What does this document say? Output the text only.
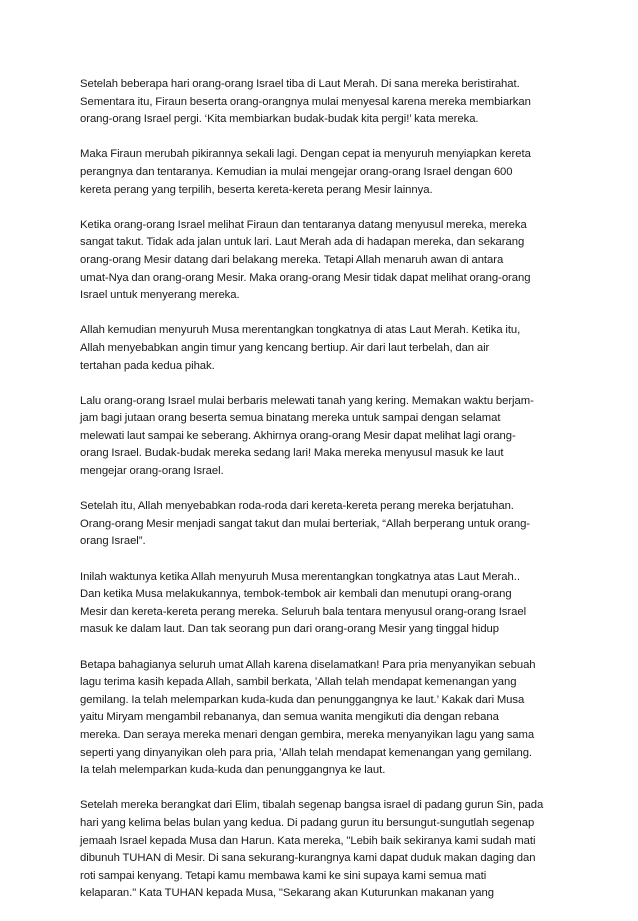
Setelah beberapa hari orang-orang Israel tiba di Laut Merah. Di sana mereka beristirahat.
Sementara itu, Firaun beserta orang-orangnya mulai menyesal karena mereka membiarkan
orang-orang Israel pergi. ‘Kita membiarkan budak-budak kita pergi!’ kata mereka.

Maka Firaun merubah pikirannya sekali lagi. Dengan cepat ia menyuruh menyiapkan kereta
perangnya dan tentaranya. Kemudian ia mulai mengejar orang-orang Israel dengan 600
kereta perang yang terpilih, beserta kereta-kereta perang Mesir lainnya.

Ketika orang-orang Israel melihat Firaun dan tentaranya datang menyusul mereka, mereka
sangat takut. Tidak ada jalan untuk lari. Laut Merah ada di hadapan mereka, dan sekarang
orang-orang Mesir datang dari belakang mereka. Tetapi Allah menaruh awan di antara
umat-Nya dan orang-orang Mesir. Maka orang-orang Mesir tidak dapat melihat orang-orang
Israel untuk menyerang mereka.

Allah kemudian menyuruh Musa merentangkan tongkatnya di atas Laut Merah. Ketika itu,
Allah menyebabkan angin timur yang kencang bertiup. Air dari laut terbelah, dan air
tertahan pada kedua pihak.

Lalu orang-orang Israel mulai berbaris melewati tanah yang kering. Memakan waktu berjam-
jam bagi jutaan orang beserta semua binatang mereka untuk sampai dengan selamat
melewati laut sampai ke seberang. Akhirnya orang-orang Mesir dapat melihat lagi orang-
orang Israel. Budak-budak mereka sedang lari! Maka mereka menyusul masuk ke laut
mengejar orang-orang Israel.

Setelah itu, Allah menyebabkan roda-roda dari kereta-kereta perang mereka berjatuhan.
Orang-orang Mesir menjadi sangat takut dan mulai berteriak, “Allah berperang untuk orang-
orang Israel”.

Inilah waktunya ketika Allah menyuruh Musa merentangkan tongkatnya atas Laut Merah..
Dan ketika Musa melakukannya, tembok-tembok air kembali dan menutupi orang-orang
Mesir dan kereta-kereta perang mereka. Seluruh bala tentara menyusul orang-orang Israel
masuk ke dalam laut. Dan tak seorang pun dari orang-orang Mesir yang tinggal hidup

Betapa bahagianya seluruh umat Allah karena diselamatkan! Para pria menyanyikan sebuah
lagu terima kasih kepada Allah, sambil berkata, ’Allah telah mendapat kemenangan yang
gemilang. Ia telah melemparkan kuda-kuda dan penunggangnya ke laut.’ Kakak dari Musa
yaitu Miryam mengambil rebananya, dan semua wanita mengikuti dia dengan rebana
mereka. Dan seraya mereka menari dengan gembira, mereka menyanyikan lagu yang sama
seperti yang dinyanyikan oleh para pria, ’Allah telah mendapat kemenangan yang gemilang.
Ia telah melemparkan kuda-kuda dan penunggangnya ke laut.

Setelah mereka berangkat dari Elim, tibalah segenap bangsa israel di padang gurun Sin, pada
hari yang kelima belas bulan yang kedua. Di padang gurun itu bersungut-sungutlah segenap
jemaah Israel kepada Musa dan Harun. Kata mereka, "Lebih baik sekiranya kami sudah mati
dibunuh TUHAN di Mesir. Di sana sekurang-kurangnya kami dapat duduk makan daging dan
roti sampai kenyang. Tetapi kamu membawa kami ke sini supaya kami semua mati
kelaparan." Kata TUHAN kepada Musa, "Sekarang akan Kuturunkan makanan yang
